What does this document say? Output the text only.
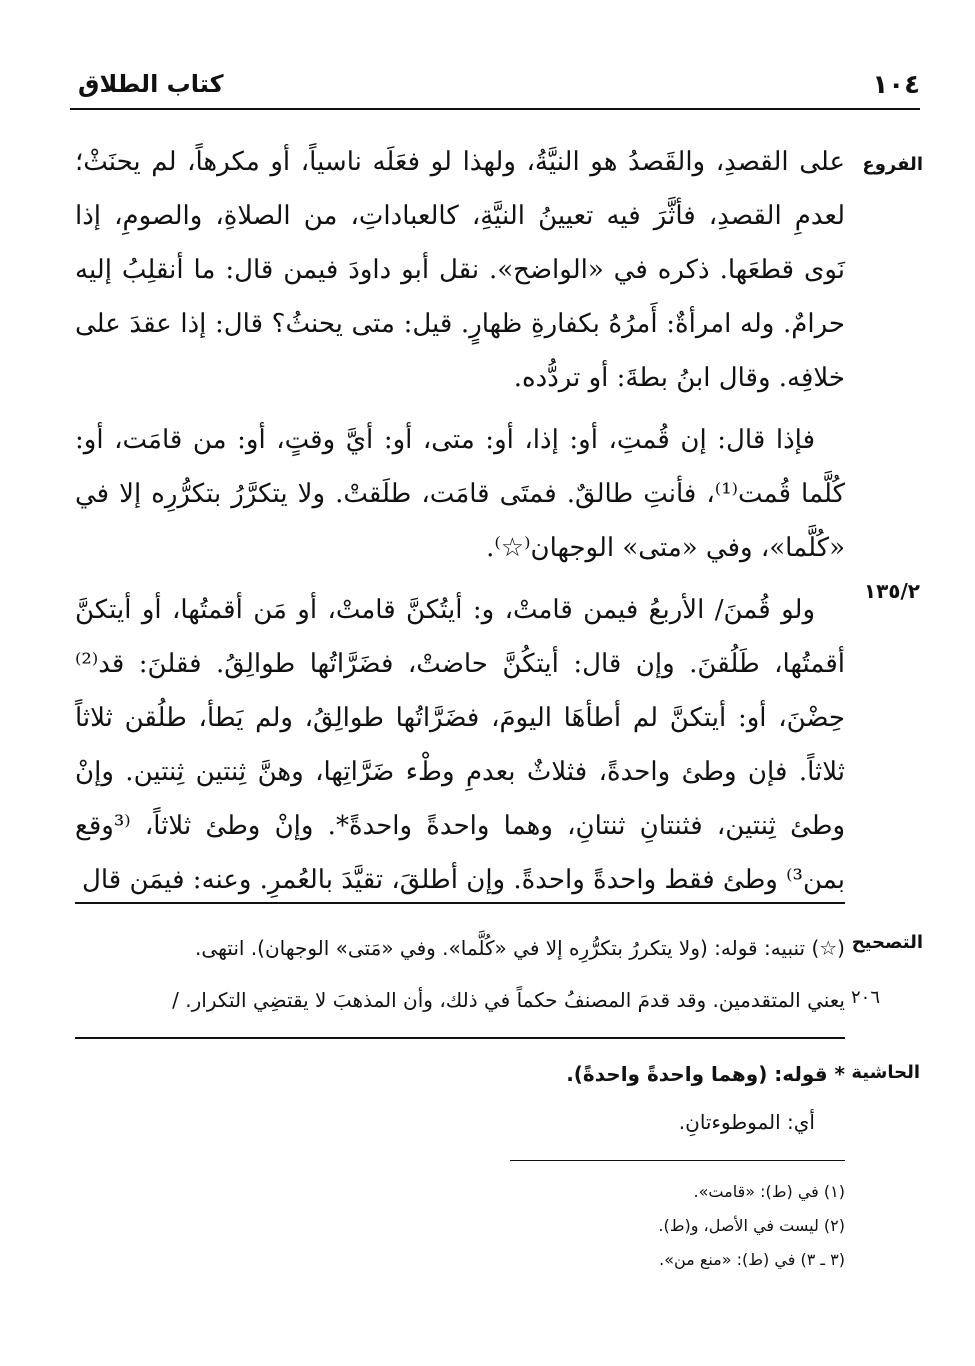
١٠٤
كتاب الطلاق
الفروع
١٣٥/٢
التصحيح
٢٠٦
الحاشية

على القصدِ، والقَصدُ هو النيَّةُ، ولهذا لو فعَلَه ناسياً، أو مكرهاً، لم يحنَثْ؛ لعدمِ القصدِ، فأثَّرَ فيه تعيينُ النيَّةِ، كالعباداتِ، من الصلاةِ، والصومِ، إذا نَوى قطعَها. ذكره في «الواضح». نقل أبو داودَ فيمن قال: ما أنقلِبُ إليه حرامٌ. وله امرأةٌ: أَمرُهُ بكفارةِ ظهارٍ. قيل: متى يحنثُ؟ قال: إذا عقدَ على خلافِه. وقال ابنُ بطةَ: أو تردُّده.

فإذا قال: إن قُمتِ، أو: إذا، أو: متى، أو: أيَّ وقتٍ، أو: من قامَت، أو: كُلَّما قُمت⁽¹⁾، فأنتِ طالقٌ. فمتَى قامَت، طلَقتْ. ولا يتكرَّرُ بتكرُّرِه إلا في «كُلَّما»، وفي «متى» الوجهان⁽☆⁾.

ولو قُمنَ/ الأربعُ فيمن قامتْ، و: أيتُكنَّ قامتْ، أو مَن أقمتُها، أو أيتكنَّ أقمتُها، طَلُقنَ. وإن قال: أيتكُنَّ حاضتْ، فضَرَّاتُها طوالِقُ. فقلنَ: قد⁽²⁾ حِضْنَ، أو: أيتكنَّ لم أطأهَا اليومَ، فضَرَّاتُها طوالِقُ، ولم يَطأ، طلُقن ثلاثاً ثلاثاً. فإن وطئ واحدةً، فثلاثٌ بعدمِ وطْء ضَرَّاتِها، وهنَّ ثِنتين ثِنتين. وإنْ وطئ ثِنتين، فثنتانِ ثنتانِ، وهما واحدةً واحدةً*. وإنْ وطئ ثلاثاً، ⁽³وقع بمن³⁾ وطئ فقط واحدةً واحدةً. وإن أطلقَ، تقيَّدَ بالعُمرِ. وعنه: فيمَن قال

(☆) تنبيه: قوله: (ولا يتكررُ بتكرُّرِه إلا في «كُلَّما». وفي «مَتى» الوجهان). انتهى.

يعني المتقدمين. وقد قدمَ المصنفُ حكماً في ذلك، وأن المذهبَ لا يقتضِي التكرار. /

* قوله: (وهما واحدةً واحدةً).

أي: الموطوءتانِ.

(١) في (ط): «قامت».

(٢) ليست في الأصل، و(ط).

(٣ ـ ٣) في (ط): «منع من».
